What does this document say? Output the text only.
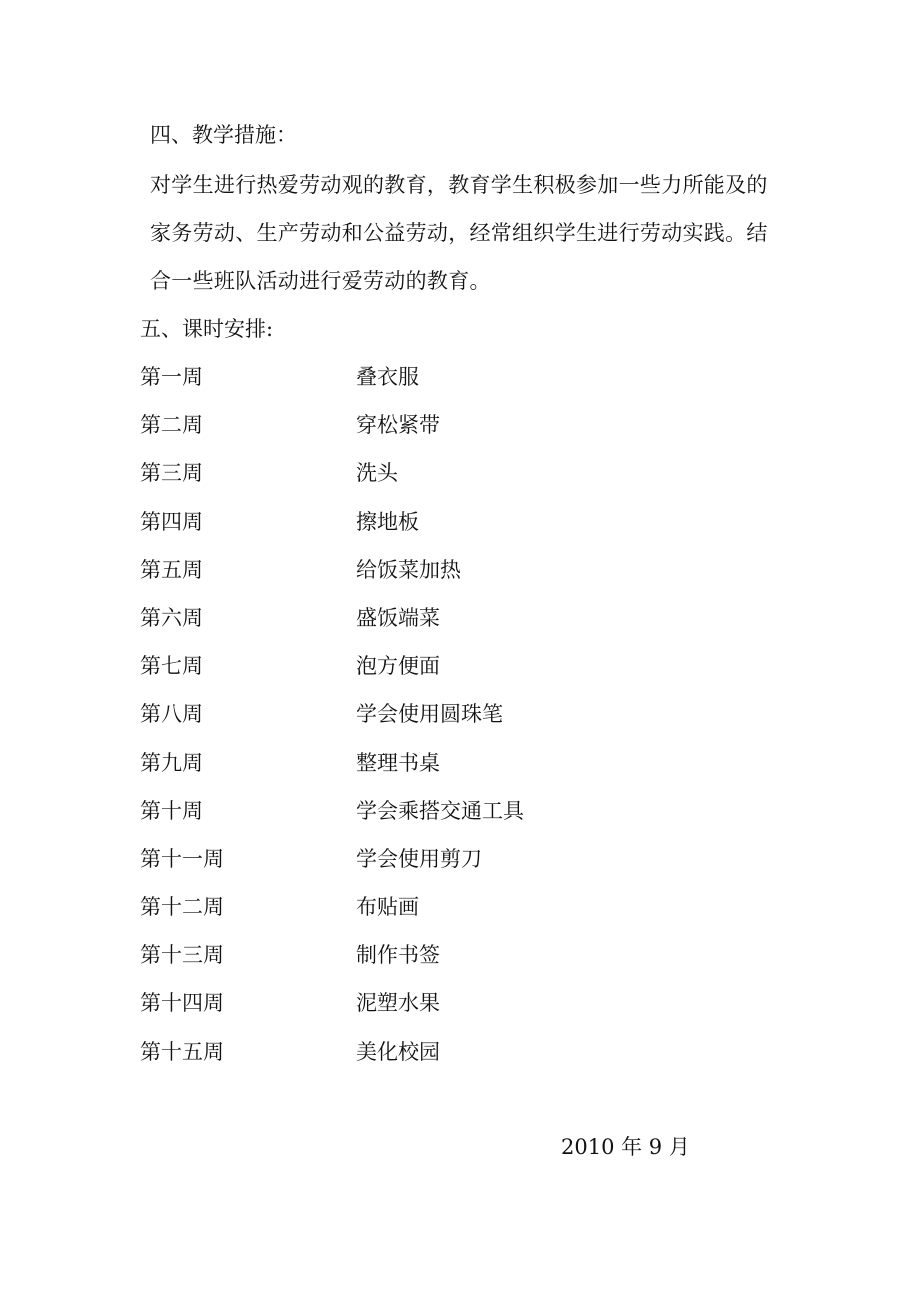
四、教学措施：
对学生进行热爱劳动观的教育，教育学生积极参加一些力所能及的
家务劳动、生产劳动和公益劳动，经常组织学生进行劳动实践。结
合一些班队活动进行爱劳动的教育。
五、课时安排:
第一周	叠衣服
第二周	穿松紧带
第三周	洗头
第四周	擦地板
第五周	给饭菜加热
第六周	盛饭端菜
第七周	泡方便面
第八周	学会使用圆珠笔
第九周	整理书桌
第十周	学会乘搭交通工具
第十一周	学会使用剪刀
第十二周	布贴画
第十三周	制作书签
第十四周	泥塑水果
第十五周	美化校园
2010 年 9 月
